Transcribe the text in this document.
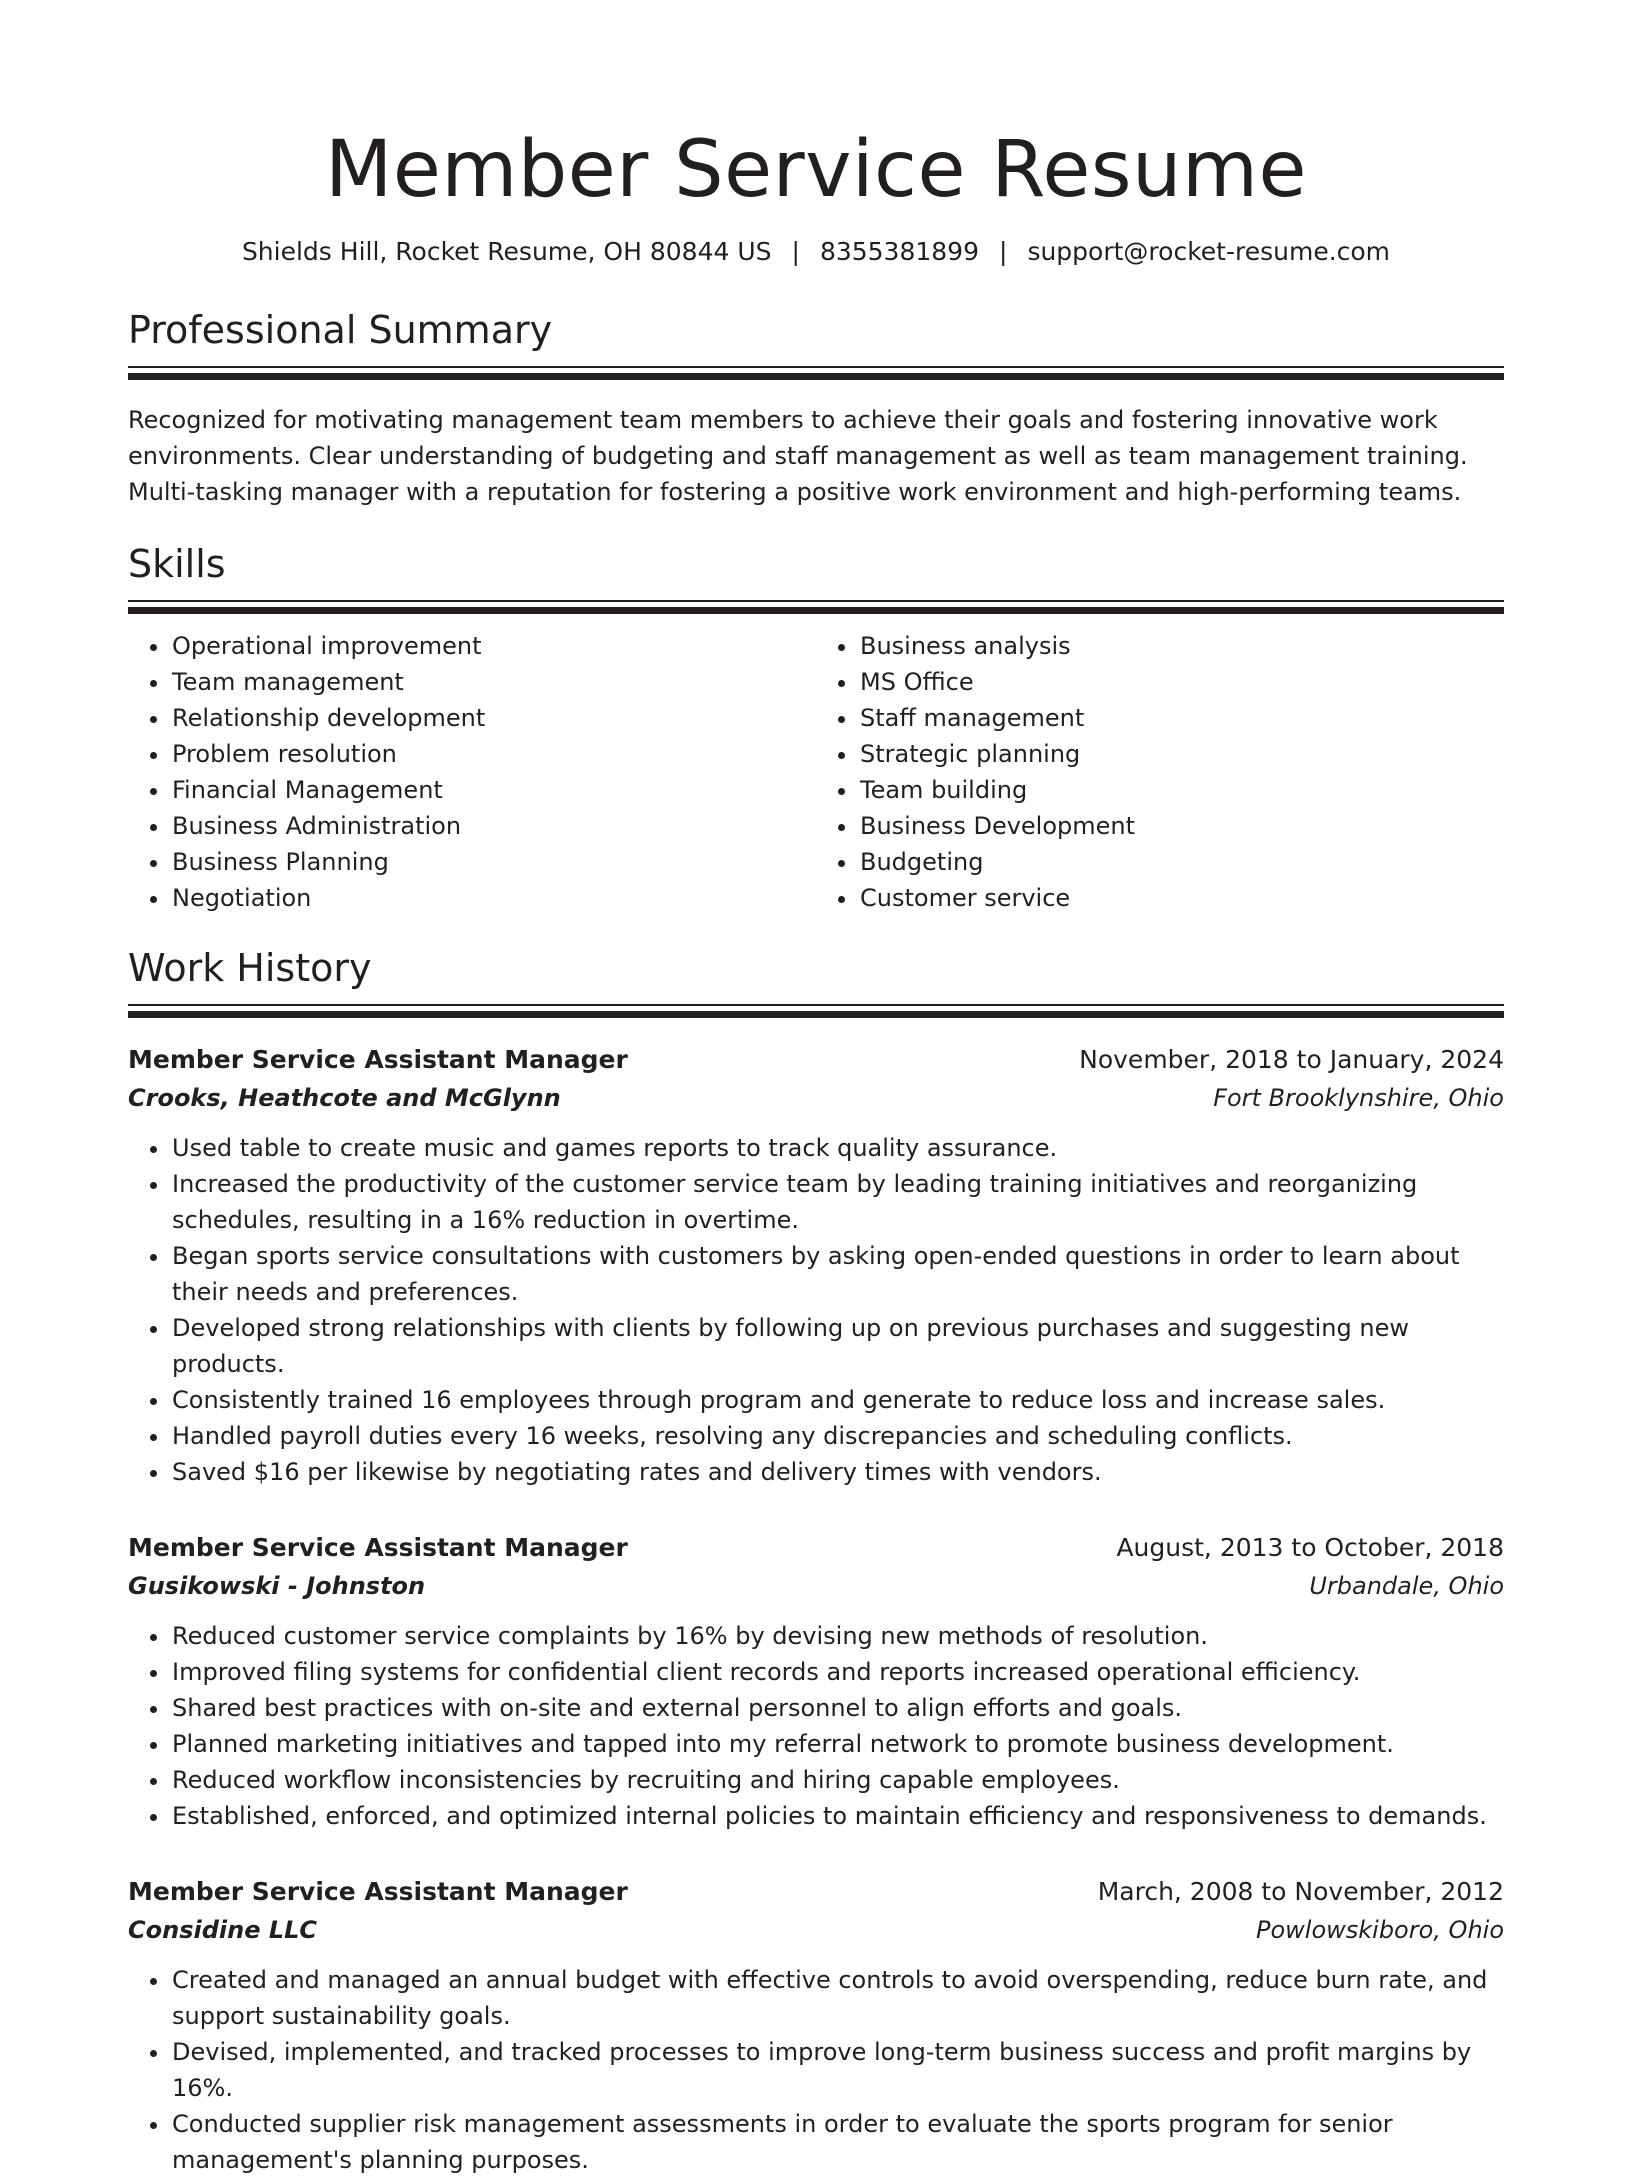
Member Service Resume
Shields Hill, Rocket Resume, OH 80844 US | 8355381899 | support@rocket-resume.com
Professional Summary

Recognized for motivating management team members to achieve their goals and fostering innovative work environments. Clear understanding of budgeting and staff management as well as team management training. Multi-tasking manager with a reputation for fostering a positive work environment and high-performing teams.

Skills
• Operational improvement
• Team management
• Relationship development
• Problem resolution
• Financial Management
• Business Administration
• Business Planning
• Negotiation
• Business analysis
• MS Office
• Staff management
• Strategic planning
• Team building
• Business Development
• Budgeting
• Customer service
Work History
Member Service Assistant Manager	November, 2018 to January, 2024
Crooks, Heathcote and McGlynn	Fort Brooklynshire, Ohio
• Used table to create music and games reports to track quality assurance.
• Increased the productivity of the customer service team by leading training initiatives and reorganizing schedules, resulting in a 16% reduction in overtime.
• Began sports service consultations with customers by asking open-ended questions in order to learn about their needs and preferences.
• Developed strong relationships with clients by following up on previous purchases and suggesting new products.
• Consistently trained 16 employees through program and generate to reduce loss and increase sales.
• Handled payroll duties every 16 weeks, resolving any discrepancies and scheduling conflicts.
• Saved $16 per likewise by negotiating rates and delivery times with vendors.
Member Service Assistant Manager	August, 2013 to October, 2018
Gusikowski - Johnston	Urbandale, Ohio
• Reduced customer service complaints by 16% by devising new methods of resolution.
• Improved filing systems for confidential client records and reports increased operational efficiency.
• Shared best practices with on-site and external personnel to align efforts and goals.
• Planned marketing initiatives and tapped into my referral network to promote business development.
• Reduced workflow inconsistencies by recruiting and hiring capable employees.
• Established, enforced, and optimized internal policies to maintain efficiency and responsiveness to demands.
Member Service Assistant Manager	March, 2008 to November, 2012
Considine LLC	Powlowskiboro, Ohio
• Created and managed an annual budget with effective controls to avoid overspending, reduce burn rate, and support sustainability goals.
• Devised, implemented, and tracked processes to improve long-term business success and profit margins by 16%.
• Conducted supplier risk management assessments in order to evaluate the sports program for senior management's planning purposes.
